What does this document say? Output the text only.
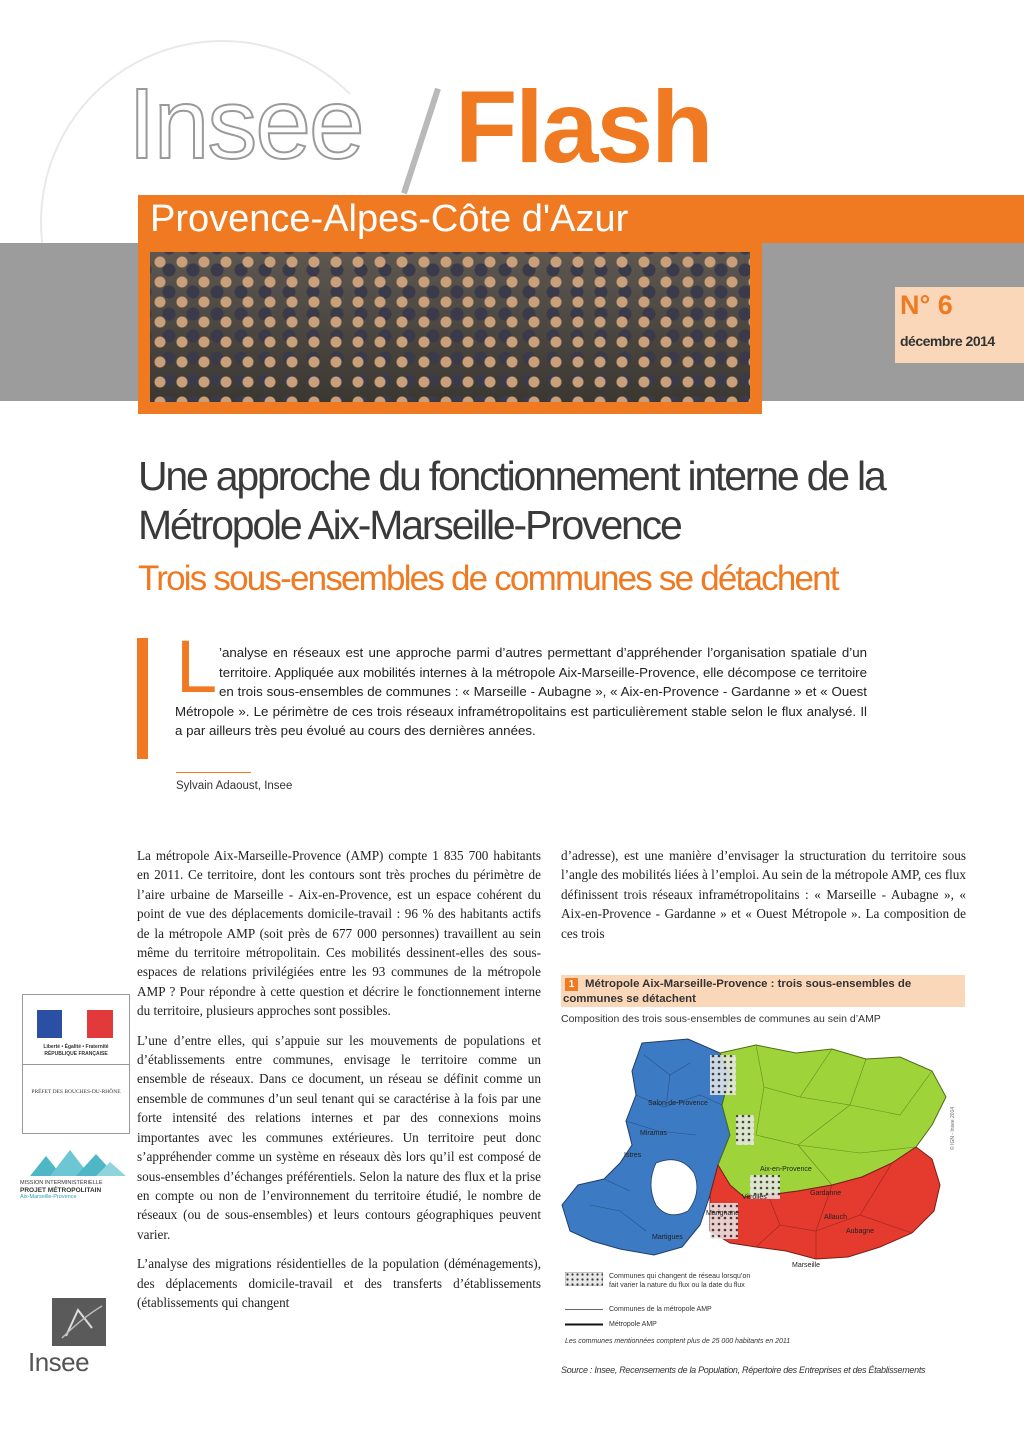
Insee Flash
Provence-Alpes-Côte d'Azur
N° 6
décembre 2014
Une approche du fonctionnement interne de la Métropole Aix-Marseille-Provence
Trois sous-ensembles de communes se détachent
L ’analyse en réseaux est une approche parmi d’autres permettant d’appréhender l’organisation spatiale d’un territoire. Appliquée aux mobilités internes à la métropole Aix-Marseille-Provence, elle décompose ce territoire en trois sous-ensembles de communes : « Marseille - Aubagne », « Aix-en-Provence - Gardanne » et « Ouest Métropole ». Le périmètre de ces trois réseaux inframétropolitains est particulièrement stable selon le flux analysé. Il a par ailleurs très peu évolué au cours des dernières années.

Sylvain Adaoust, Insee

La métropole Aix-Marseille-Provence (AMP) compte 1 835 700 habitants en 2011. Ce territoire, dont les contours sont très proches du périmètre de l’aire urbaine de Marseille - Aix-en-Provence, est un espace cohérent du point de vue des déplacements domicile-travail : 96 % des habitants actifs de la métropole AMP (soit près de 677 000 personnes) travaillent au sein même du territoire métropolitain. Ces mobilités dessinent-elles des sous-espaces de relations privilégiées entre les 93 communes de la métropole AMP ? Pour répondre à cette question et décrire le fonctionnement interne du territoire, plusieurs approches sont possibles.

L’une d’entre elles, qui s’appuie sur les mouvements de populations et d’établissements entre communes, envisage le territoire comme un ensemble de réseaux. Dans ce document, un réseau se définit comme un ensemble de communes d’un seul tenant qui se caractérise à la fois par une forte intensité des relations internes et par des connexions moins importantes avec les communes extérieures. Un territoire peut donc s’appréhender comme un système en réseaux dès lors qu’il est composé de sous-ensembles d’échanges préférentiels. Selon la nature des flux et la prise en compte ou non de l’environnement du territoire étudié, le nombre de réseaux (ou de sous-ensembles) et leurs contours géographiques peuvent varier.

L’analyse des migrations résidentielles de la population (déménagements), des déplacements domicile-travail et des transferts d’établissements (établissements qui changent

d’adresse), est une manière d’envisager la structuration du territoire sous l’angle des mobilités liées à l’emploi. Au sein de la métropole AMP, ces flux définissent trois réseaux inframétropolitains : « Marseille - Aubagne », « Aix-en-Provence - Gardanne » et « Ouest Métropole ». La composition de ces trois

Liberté • Égalité • Fraternité RÉPUBLIQUE FRANÇAISE
PRÉFET DES BOUCHES-DU-RHÔNE
MISSION INTERMINISTÉRIELLE
PROJET MÉTROPOLITAIN
Aix-Marseille-Provence
Insee
1 Métropole Aix-Marseille-Provence : trois sous-ensembles de communes se détachent

Composition des trois sous-ensembles de communes au sein d’AMP
Salon-de-Provence
Miramas
Istres
Aix-en-Provence
Gardanne
Vitrolles
Marignane
Martigues
Marseille
Aubagne
Allauch
© IGN - Insee 2014
Communes qui changent de réseau lorsqu’on fait varier la nature du flux ou la date du flux
Communes de la métropole AMP
Métropole AMP
Les communes mentionnées comptent plus de 25 000 habitants en 2011
Source : Insee, Recensements de la Population, Répertoire des Entreprises et des Établissements
